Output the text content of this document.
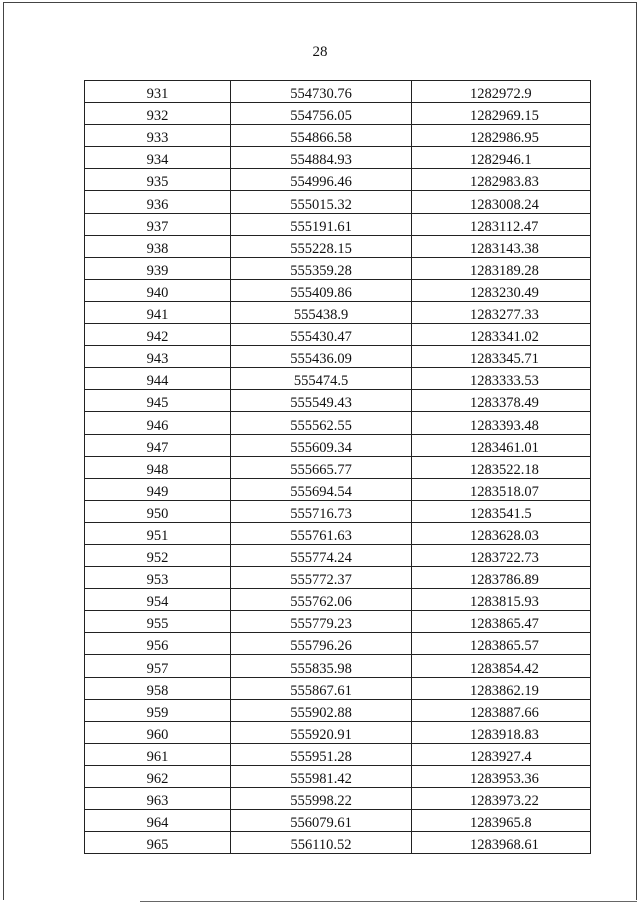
28
931	554730.76	1282972.9
932	554756.05	1282969.15
933	554866.58	1282986.95
934	554884.93	1282946.1
935	554996.46	1282983.83
936	555015.32	1283008.24
937	555191.61	1283112.47
938	555228.15	1283143.38
939	555359.28	1283189.28
940	555409.86	1283230.49
941	555438.9	1283277.33
942	555430.47	1283341.02
943	555436.09	1283345.71
944	555474.5	1283333.53
945	555549.43	1283378.49
946	555562.55	1283393.48
947	555609.34	1283461.01
948	555665.77	1283522.18
949	555694.54	1283518.07
950	555716.73	1283541.5
951	555761.63	1283628.03
952	555774.24	1283722.73
953	555772.37	1283786.89
954	555762.06	1283815.93
955	555779.23	1283865.47
956	555796.26	1283865.57
957	555835.98	1283854.42
958	555867.61	1283862.19
959	555902.88	1283887.66
960	555920.91	1283918.83
961	555951.28	1283927.4
962	555981.42	1283953.36
963	555998.22	1283973.22
964	556079.61	1283965.8
965	556110.52	1283968.61
